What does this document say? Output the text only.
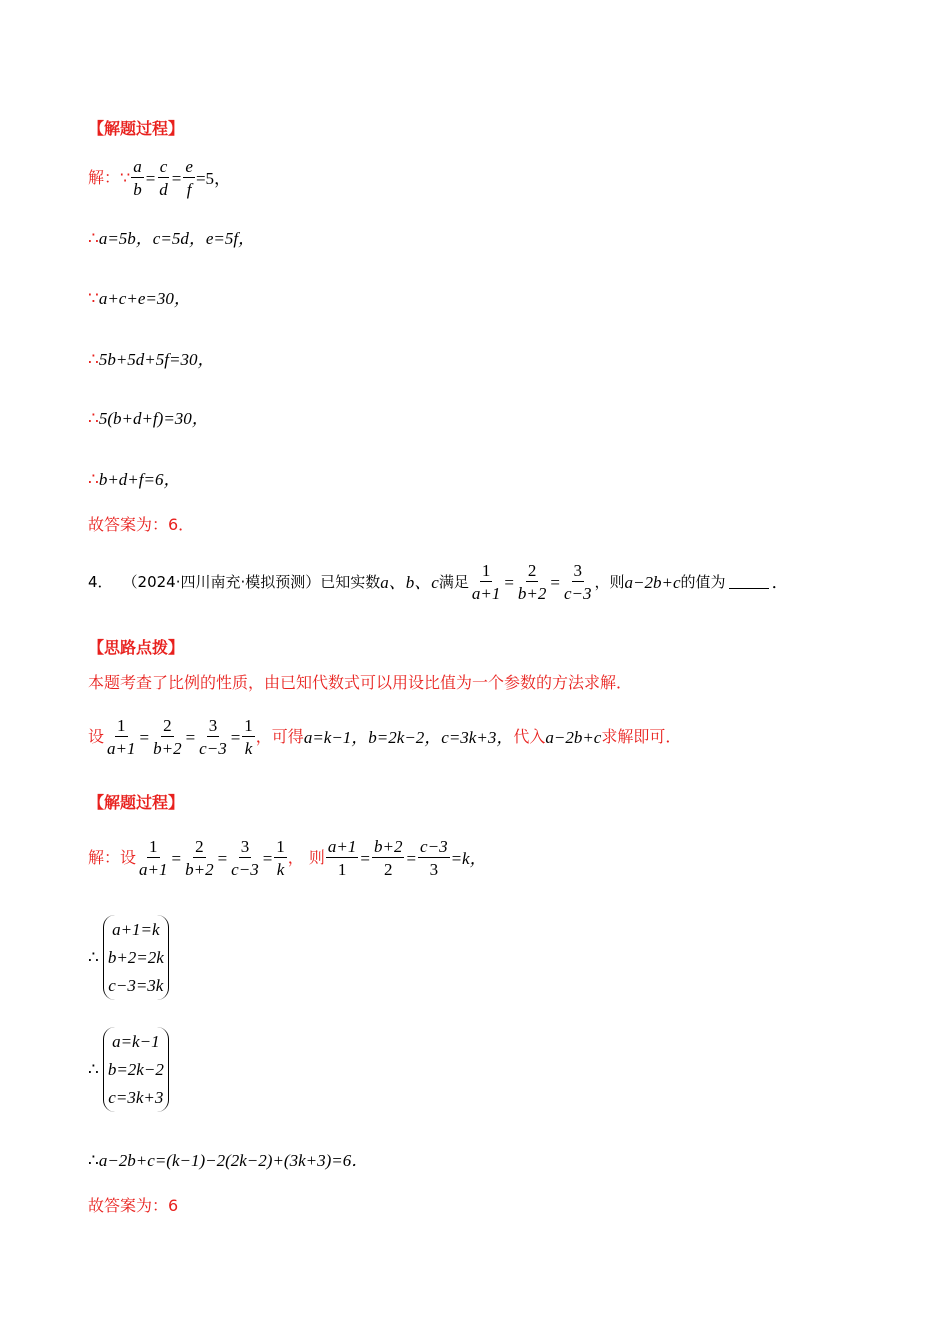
【解题过程】
解： ∵ $\frac{a}{b} = \frac{c}{d} = \frac{e}{f} =5$，
∴ a=5b，c=5d，e=5f，
∵ a+c+e=30，
∴ 5b+5d+5f=30，
∴ 5(b+d+f)=30，
∴ b+d+f=6，
故答案为：6．
4． （2024·四川南充·模拟预测） 已知实数 a、b、c 满足 $\frac{1}{a+1} = \frac{2}{b+2} = \frac{3}{c-3}$ ，则 a−2b+c 的值为	．
【思路点拨】
本题考查了比例的性质，由已知代数式可以用设比值为一个参数的方法求解．
设 $\frac{1}{a+1} = \frac{2}{b+2} = \frac{3}{c-3} = \frac{1}{k}$ ，可得 a=k−1，b=2k−2，c=3k+3， 代入 a−2b+c 求解即可．
【解题过程】
解：设 $\frac{1}{a+1} = \frac{2}{b+2} = \frac{3}{c-3} = \frac{1}{k}$ ， 则 $\frac{a+1}{1} = \frac{b+2}{2} = \frac{c-3}{3} =k$，
∴
a+1=k
b+2=2k
c−3=3k
∴
a=k−1
b=2k−2
c=3k+3
∴ a−2b+c=(k−1)−2(2k−2)+(3k+3)=6．
故答案为：6
